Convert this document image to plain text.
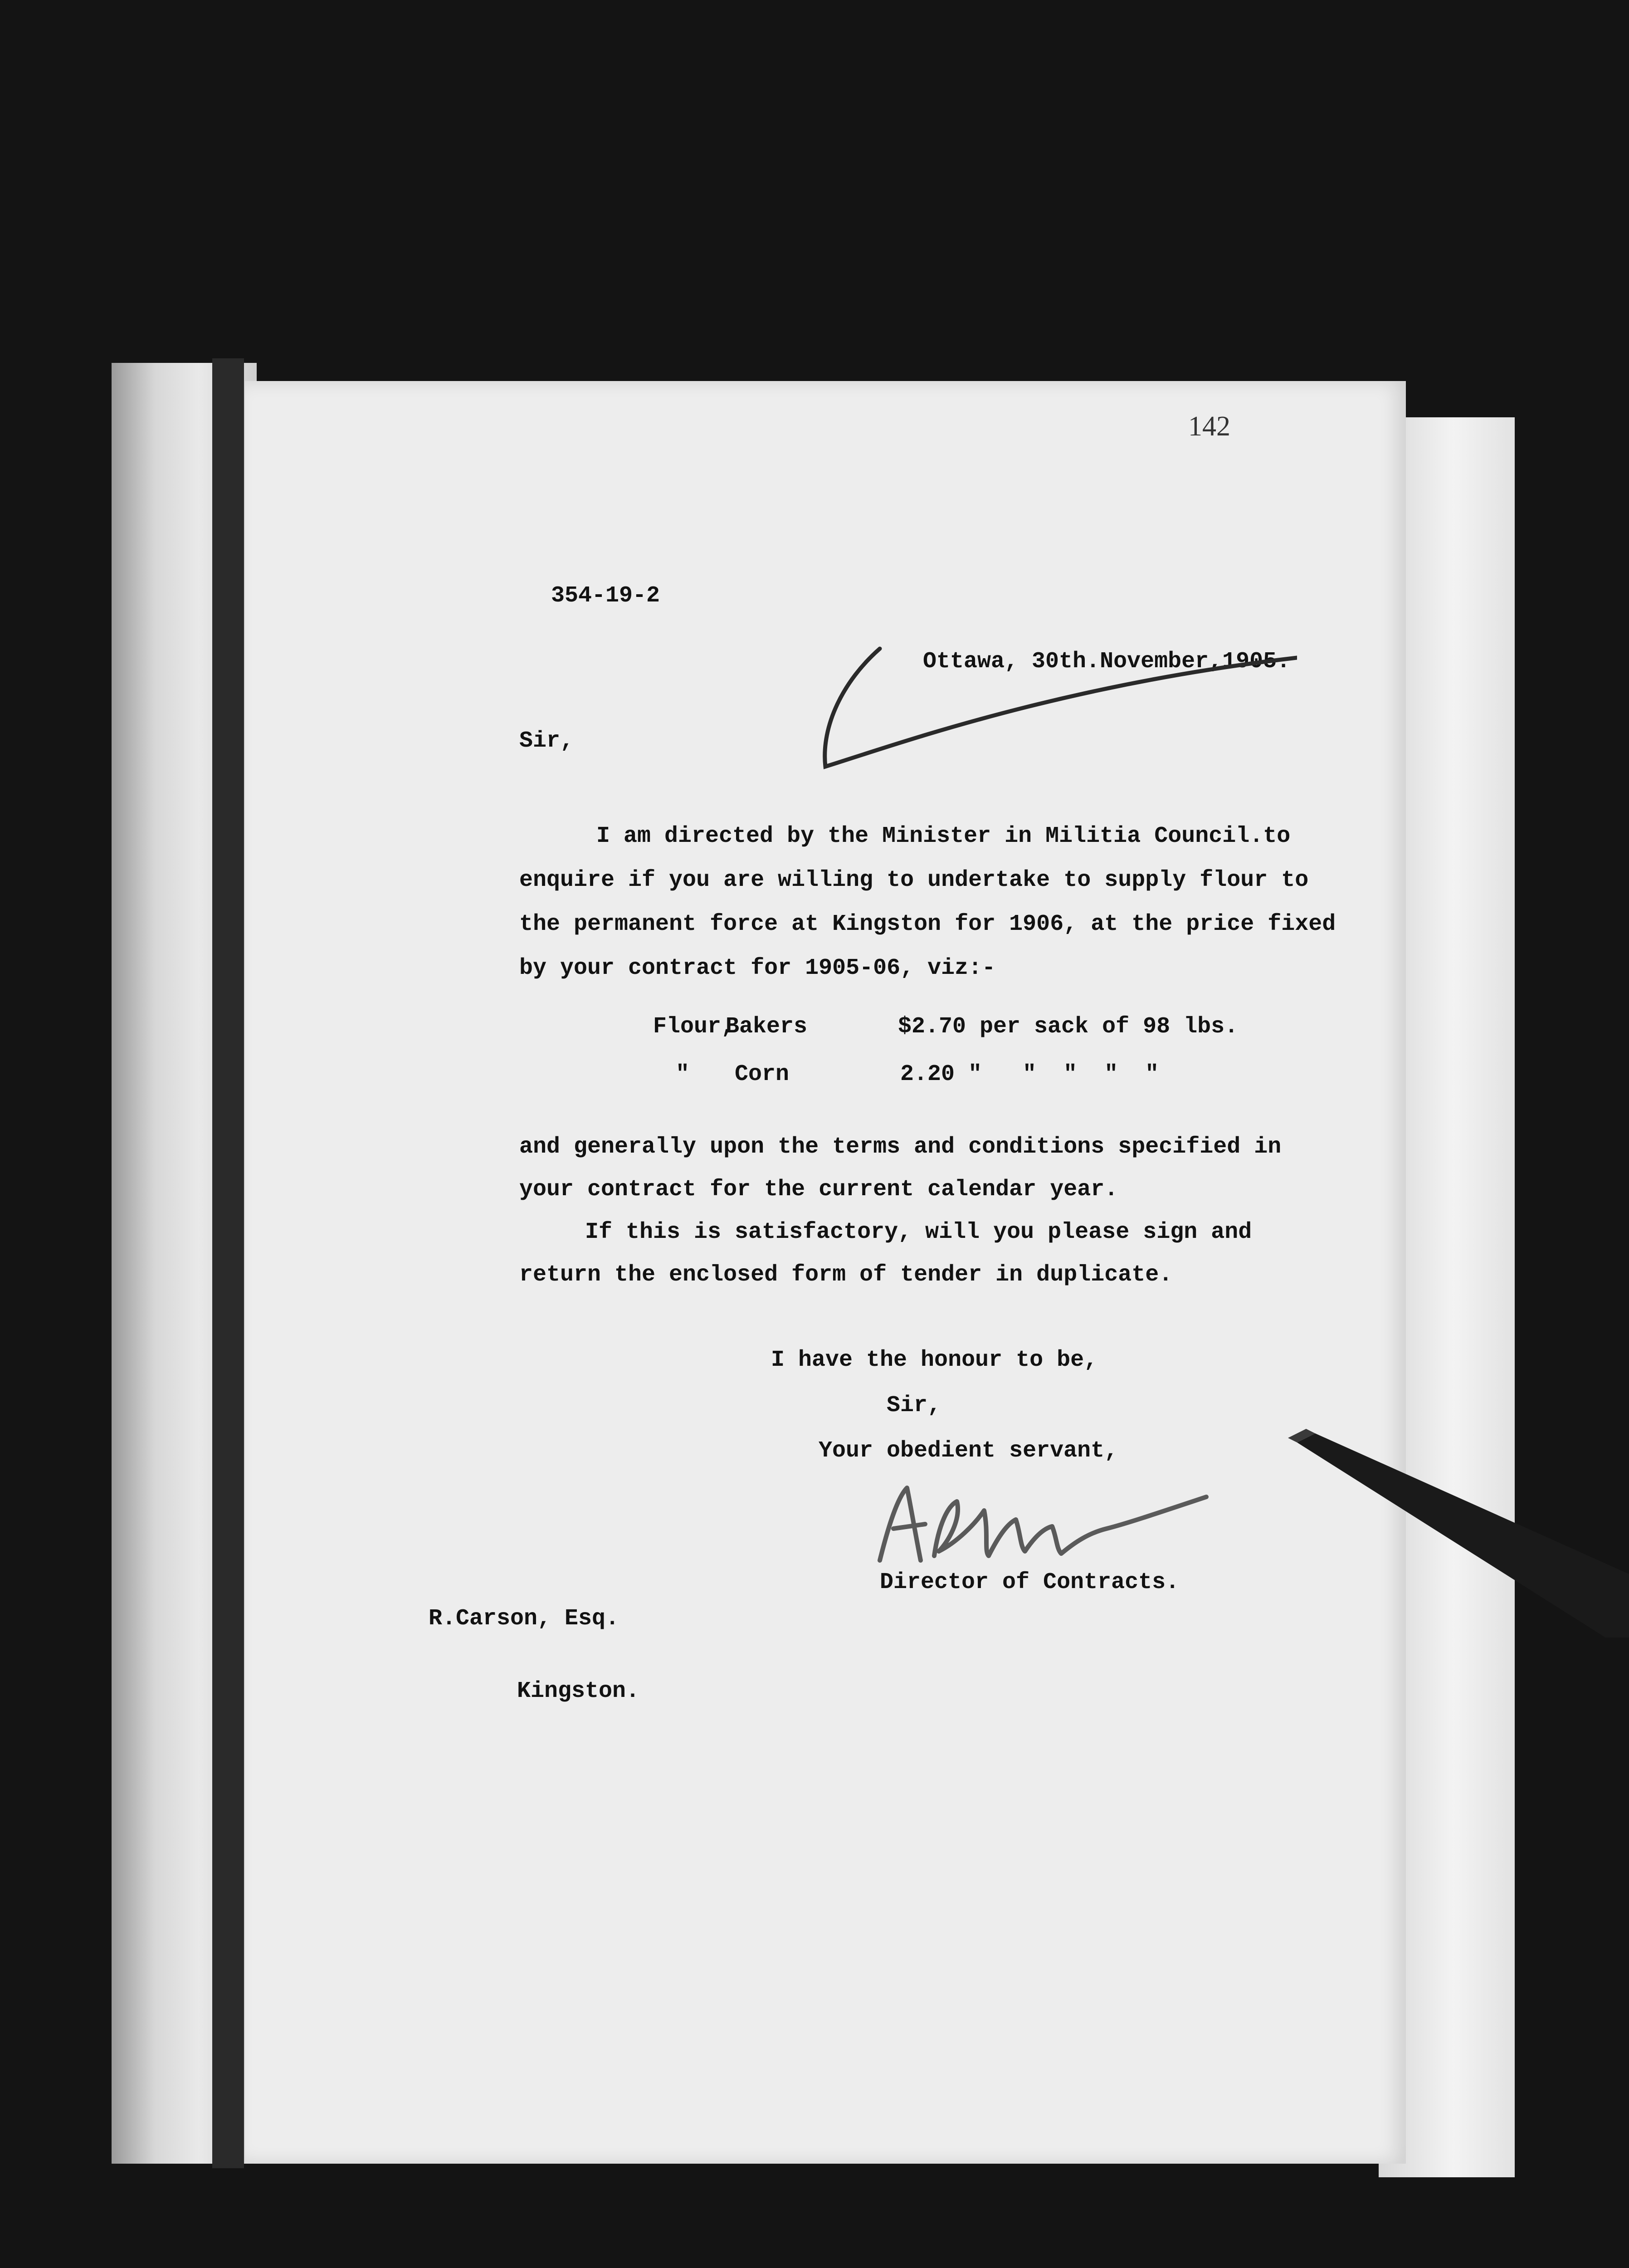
142
354-19-2
Ottawa, 30th.November,1905.
Sir,
I am directed by the Minister in Militia Council.to
enquire if you are willing to undertake to supply flour to
the permanent force at Kingston for 1906, at the price fixed
by your contract for 1905-06, viz:-
Flour,
Bakers	$2.70 per sack of 98 lbs.
" Corn	2.20 "   "  "  "  "
and generally upon the terms and conditions specified in
your contract for the current calendar year.
If this is satisfactory, will you please sign and
return the enclosed form of tender in duplicate.
I have the honour to be,
Sir,
Your obedient servant,
Director of Contracts.
R.Carson, Esq.
Kingston.
